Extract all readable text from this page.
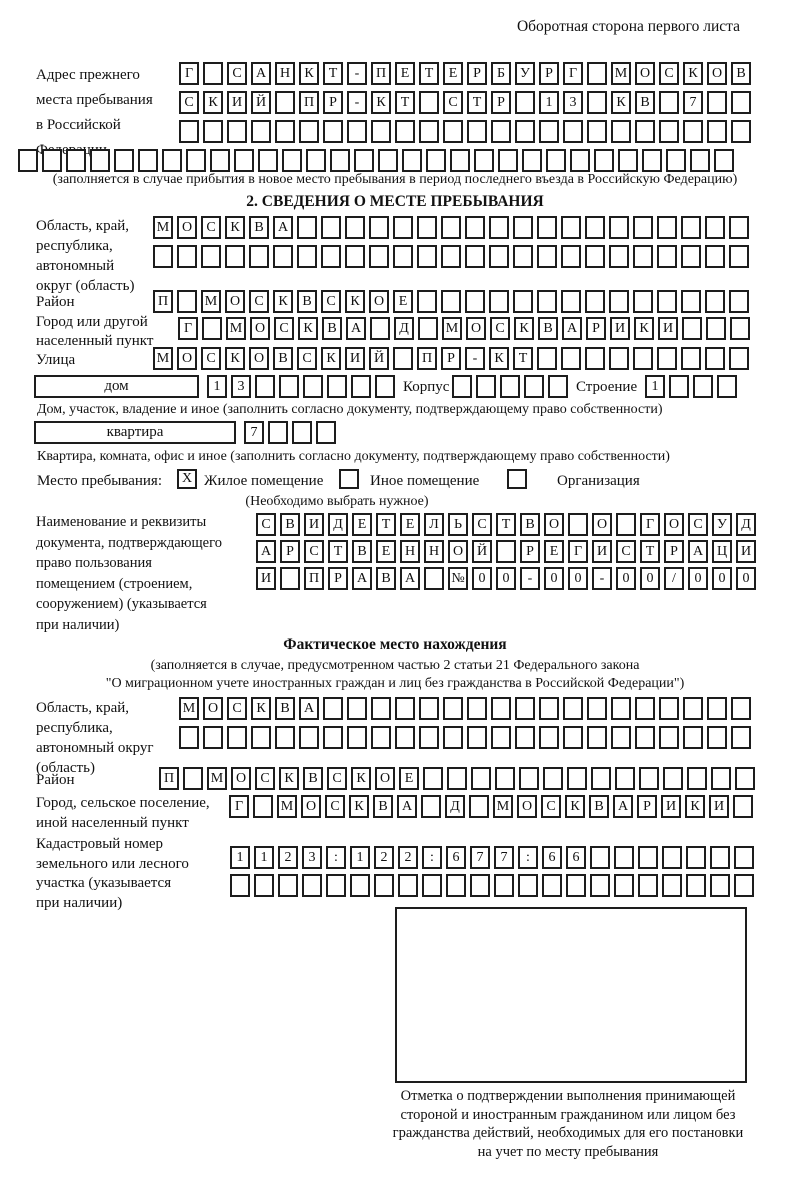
Оборотная сторона первого листа
Адрес прежнего
места пребывания
в Российской
Г	С А Н К Т - П Е Т Е Р Б У Р Г	М О С К О В
С К И Й	П Р - К Т	С Т Р	1 3	К В	7
(заполняется в случае прибытия в новое место пребывания в период последнего въезда в Российскую Федерацию)
2. СВЕДЕНИЯ О МЕСТЕ ПРЕБЫВАНИЯ
Область, край,
республика,
автономный
округ (область)
М О С К В А
Район	П	М О С К В С К О Е
Город или другой
населенный пункт
Г	М О С К В А	Д	М О С К В А Р И К И
Улица	М О С К О В С К И Й	П Р - К Т
дом	1 3	Корпус	Строение	1
Дом, участок, владение и иное (заполнить согласно документу, подтверждающему право собственности)
квартира	7
Квартира, комната, офис и иное (заполнить согласно документу, подтверждающему право собственности)
Место пребывания:	X Жилое помещение	Иное помещение	Организация
(Необходимо выбрать нужное)
Наименование и реквизиты
документа, подтверждающего
право пользования
помещением (строением,
сооружением) (указывается
при наличии)
С В И Д Е Т Е Л Ь С Т В О	О	Г О С У Д
А Р С Т В Е Н Н О Й	Р Е Г И С Т Р А Ц И
И	П Р А В А	№ 0 0 - 0 0 - 0 0 / 0 0 0
Фактическое место нахождения
(заполняется в случае, предусмотренном частью 2 статьи 21 Федерального закона
"О миграционном учете иностранных граждан и лиц без гражданства в Российской Федерации")
Область, край,
республика,
автономный округ
(область)
М О С К В А
Район	П	М О С К В С К О Е
Город, сельское поселение,
иной населенный пункт
Г	М О С К В А	Д	М О С К В А Р И К И
Кадастровый номер
земельного или лесного
участка (указывается
при наличии)
1 1 2 3 : 1 2 2 : 6 7 7 : 6 6
Отметка о подтверждении выполнения принимающей
стороной и иностранным гражданином или лицом без
гражданства действий, необходимых для его постановки
на учет по месту пребывания
